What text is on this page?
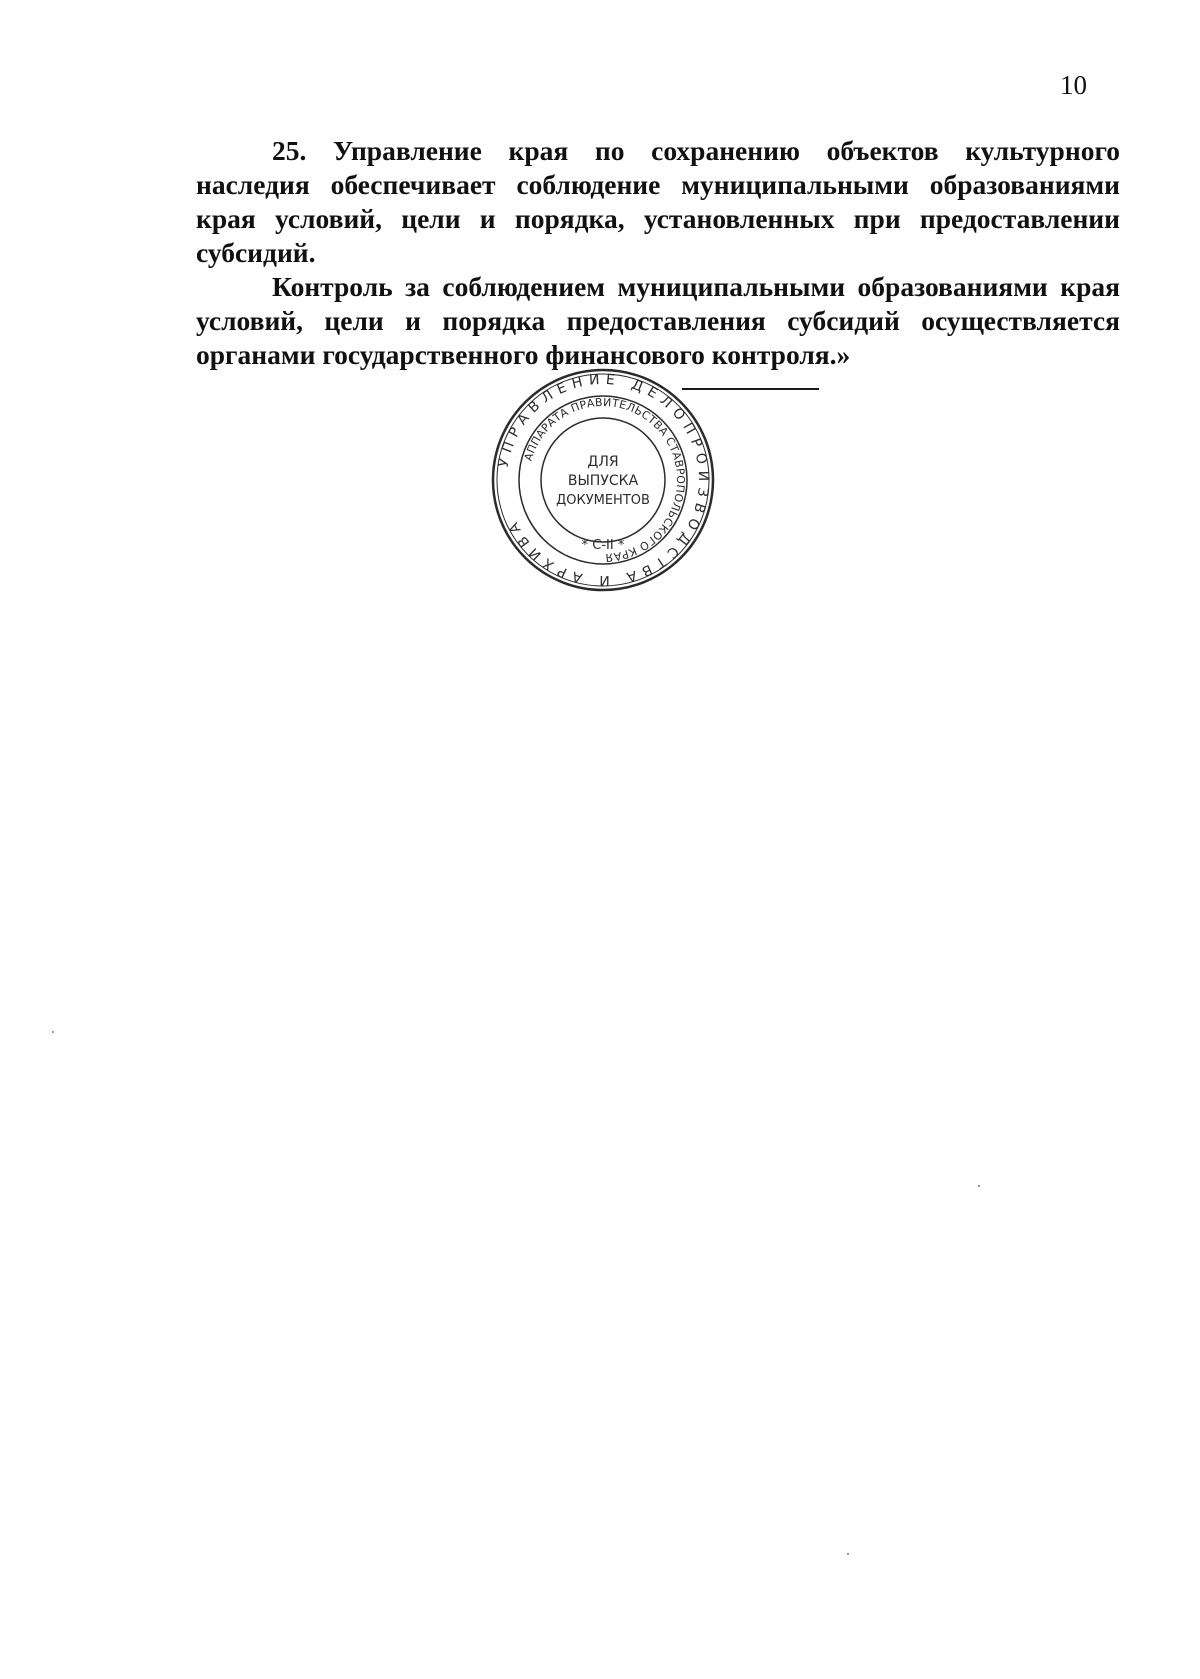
10

25. Управление края по сохранению объектов культурного наследия обеспечивает соблюдение муниципальными образованиями края условий, цели и порядка, установленных при предоставлении субсидий.

Контроль за соблюдением муниципальными образованиями края условий, цели и порядка предоставления субсидий осуществляется органами государственного финансового контроля.»

УПРАВЛЕНИЕ ДЕЛОПРОИЗВОДСТВА И АРХИВА
АППАРАТА ПРАВИТЕЛЬСТВА СТАВРОПОЛЬСКОГО КРАЯ
ДЛЯ
ВЫПУСКА
ДОКУМЕНТОВ
* С-II *
